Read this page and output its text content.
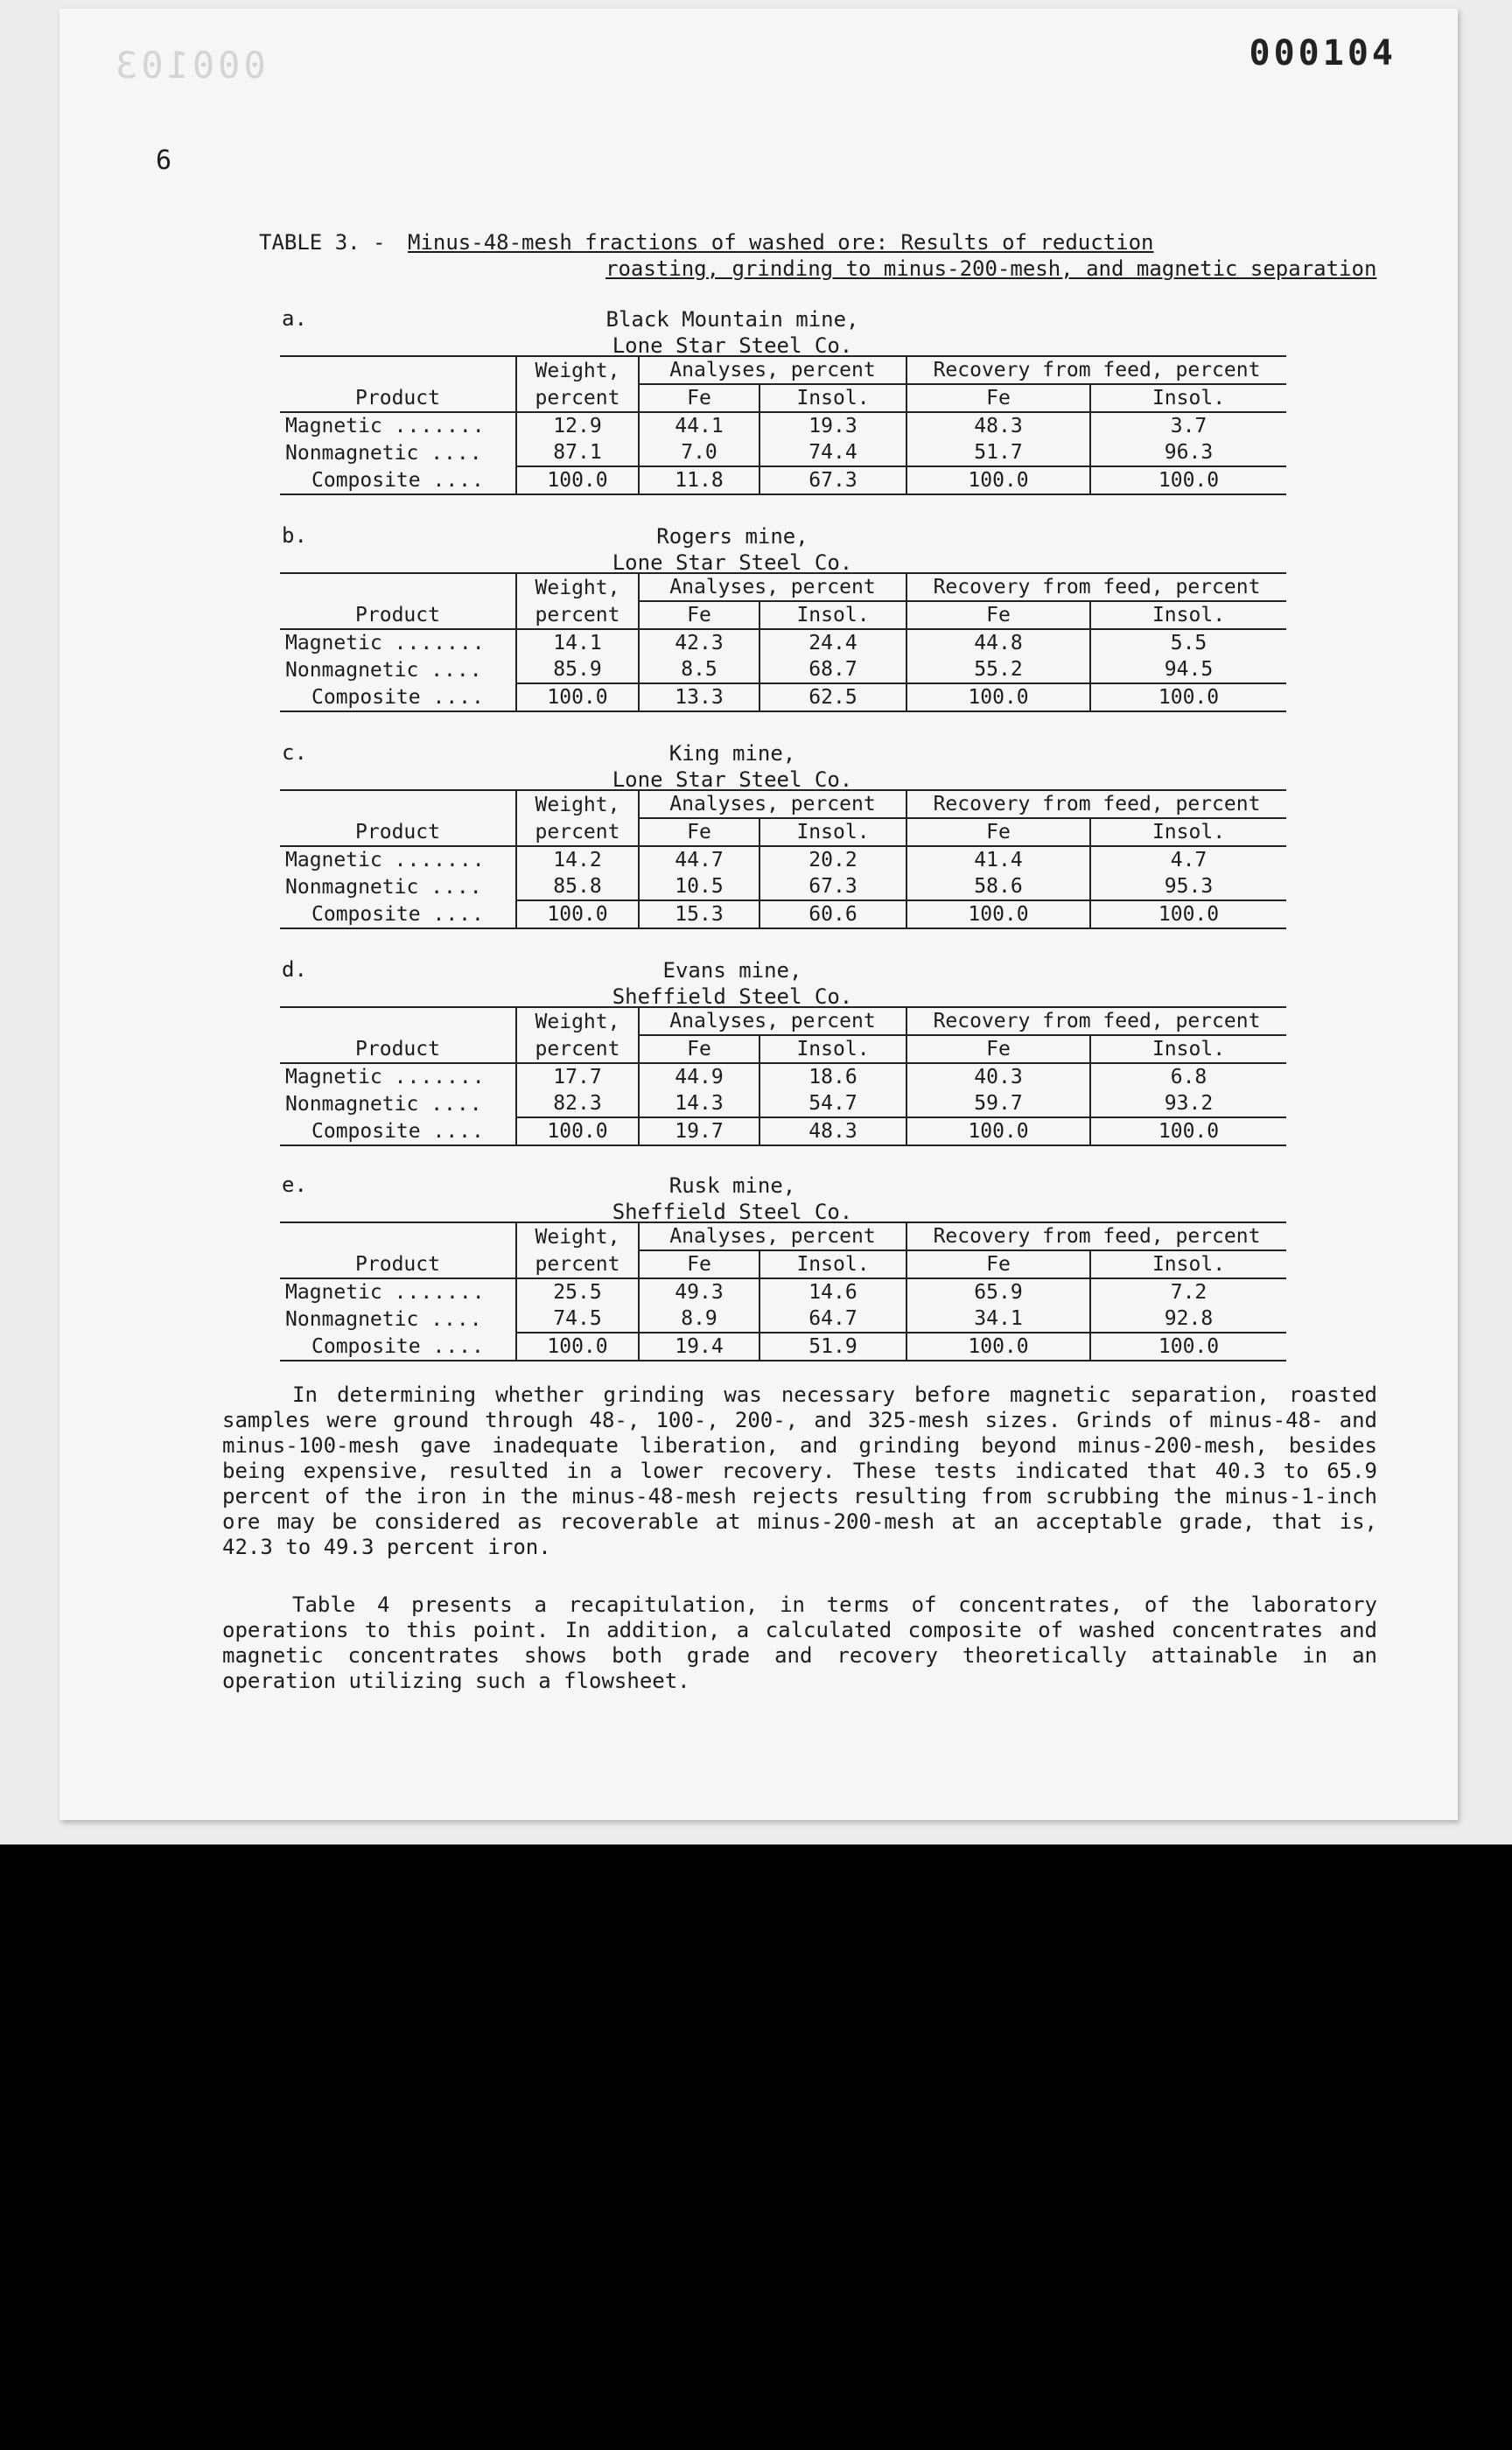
000103	000104
6
TABLE 3. - Minus-48-mesh fractions of washed ore: Results of reduction
roasting, grinding to minus-200-mesh, and magnetic separation
a.	Black Mountain mine,
Lone Star Steel Co.
	Weight,	Analyses, percent		Recovery from feed, percent	
Product	percent	Fe	Insol.	Fe	Insol.
Magnetic .......	12.9	44.1	19.3	48.3	3.7
Nonmagnetic ....	87.1	7.0	74.4	51.7	96.3
Composite ....	100.0	11.8	67.3	100.0	100.0
b.	Rogers mine,
Lone Star Steel Co.
	Weight,	Analyses, percent		Recovery from feed, percent	
Product	percent	Fe	Insol.	Fe	Insol.
Magnetic .......	14.1	42.3	24.4	44.8	5.5
Nonmagnetic ....	85.9	8.5	68.7	55.2	94.5
Composite ....	100.0	13.3	62.5	100.0	100.0
c.	King mine,
Lone Star Steel Co.
	Weight,	Analyses, percent		Recovery from feed, percent	
Product	percent	Fe	Insol.	Fe	Insol.
Magnetic .......	14.2	44.7	20.2	41.4	4.7
Nonmagnetic ....	85.8	10.5	67.3	58.6	95.3
Composite ....	100.0	15.3	60.6	100.0	100.0
d.	Evans mine,
Sheffield Steel Co.
	Weight,	Analyses, percent		Recovery from feed, percent	
Product	percent	Fe	Insol.	Fe	Insol.
Magnetic .......	17.7	44.9	18.6	40.3	6.8
Nonmagnetic ....	82.3	14.3	54.7	59.7	93.2
Composite ....	100.0	19.7	48.3	100.0	100.0
e.	Rusk mine,
Sheffield Steel Co.
	Weight,	Analyses, percent		Recovery from feed, percent	
Product	percent	Fe	Insol.	Fe	Insol.
Magnetic .......	25.5	49.3	14.6	65.9	7.2
Nonmagnetic ....	74.5	8.9	64.7	34.1	92.8
Composite ....	100.0	19.4	51.9	100.0	100.0

In determining whether grinding was necessary before magnetic separation, roasted samples were ground through 48-, 100-, 200-, and 325-mesh sizes. Grinds of minus-48- and minus-100-mesh gave inadequate liberation, and grinding beyond minus-200-mesh, besides being expensive, resulted in a lower recovery. These tests indicated that 40.3 to 65.9 percent of the iron in the minus-48-mesh rejects resulting from scrubbing the minus-1-inch ore may be considered as recoverable at minus-200-mesh at an acceptable grade, that is, 42.3 to 49.3 percent iron.

Table 4 presents a recapitulation, in terms of concentrates, of the laboratory operations to this point. In addition, a calculated composite of washed concentrates and magnetic concentrates shows both grade and recovery theoretically attainable in an operation utilizing such a flowsheet.
